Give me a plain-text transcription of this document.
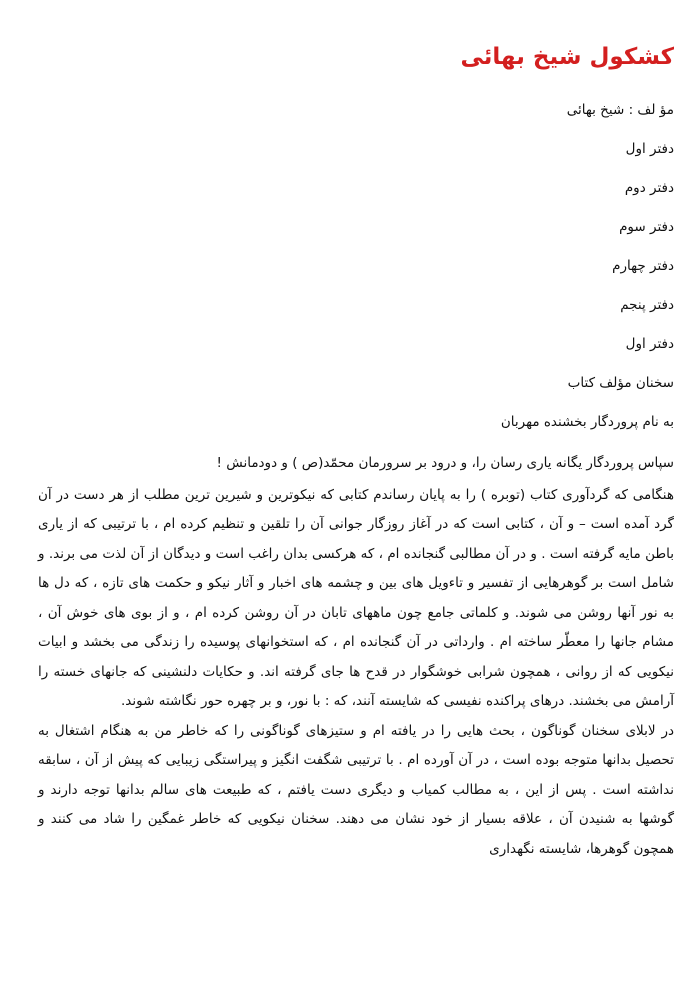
کشکول شیخ بهائی
مؤ لف : شیخ بهائی
دفتر اول
دفتر دوم
دفتر سوم
دفتر چهارم
دفتر پنجم
دفتر اول
سخنان مؤلف کتاب
به نام پروردگار بخشنده مهربان

سپاس پروردگار یگانه یاری رسان را، و درود بر سرورمان محمّد(ص ) و دودمانش !

هنگامی که گردآوری کتاب (توبره ) را به پایان رساندم کتابی که نیکوترین و شیرین ترین مطلب از هر دست در آن گرد آمده است – و آن ، کتابی است که در آغاز روزگار جوانی آن را تلقین و تنظیم کرده ام ، با ترتیبی که از یاری باطن مایه گرفته است . و در آن مطالبی گنجانده ام ، که هرکسی بدان راغب است و دیدگان از آن لذت می برند. و شامل است بر گوهرهایی از تفسیر و تاءویل های بین و چشمه های اخبار و آثار نیکو و حکمت های تازه ، که دل ها به نور آنها روشن می شوند. و کلماتی جامع چون ماههای تابان در آن روشن کرده ام ، و از بوی های خوش آن ، مشام جانها را معطّر ساخته ام . وارداتی در آن گنجانده ام ، که استخوانهای پوسیده را زندگی می بخشد و ابیات نیکویی که از روانی ، همچون شرابی خوشگوار در قدح ها جای گرفته اند. و حکایات دلنشینی که جانهای خسته را آرامش می بخشند. درهای پراکنده نفیسی که شایسته آنند، که : با نور، و بر چهره حور نگاشته شوند.

در لابلای سخنان گوناگون ، بحث هایی را در یافته ام و ستیزهای گوناگونی را که خاطر من به هنگام اشتغال به تحصیل بدانها متوجه بوده است ، در آن آورده ام . با ترتیبی شگفت انگیز و پیراستگی زیبایی که پیش از آن ، سابقه نداشته است . پس از این ، به مطالب کمیاب و دیگری دست یافتم ، که طبیعت های سالم بدانها توجه دارند و گوشها به شنیدن آن ، علاقه بسیار از خود نشان می دهند. سخنان نیکویی که خاطر غمگین را شاد می کنند و همچون گوهرها، شایسته نگهداری
